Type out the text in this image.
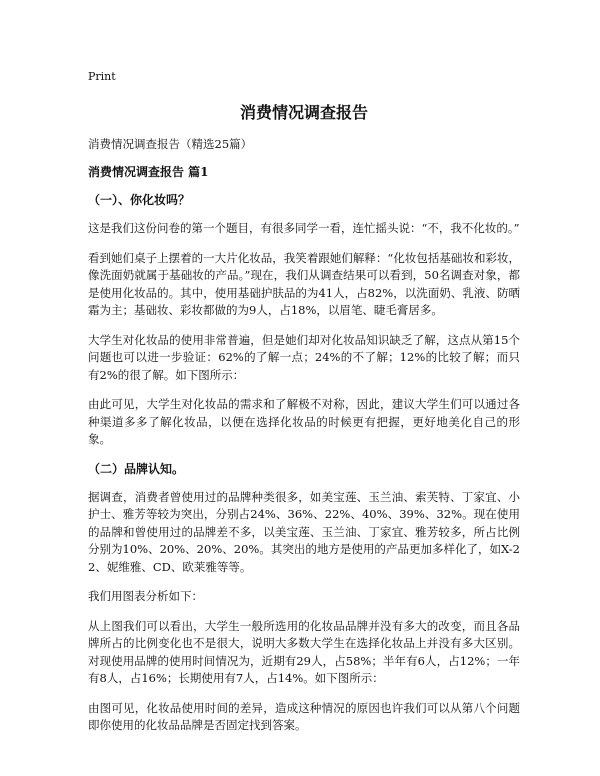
Print
消费情况调查报告
消费情况调查报告（精选25篇）
消费情况调查报告 篇1
（一）、你化妆吗？

这是我们这份问卷的第一个题目，有很多同学一看，连忙摇头说：“不，我不化妆的。”

看到她们桌子上摆着的一大片化妆品，我笑着跟她们解释：“化妆包括基础妆和彩妆，像洗面奶就属于基础妆的产品。”现在，我们从调查结果可以看到，50名调查对象，都是使用化妆品的。其中，使用基础护肤品的为41人，占82%，以洗面奶、乳液、防晒霜为主；基础妆、彩妆都做的为9人，占18%，以眉笔、睫毛膏居多。

大学生对化妆品的使用非常普遍，但是她们却对化妆品知识缺乏了解，这点从第15个问题也可以进一步验证：62%的了解一点；24%的不了解；12%的比较了解；而只有2%的很了解。如下图所示：

由此可见，大学生对化妆品的需求和了解极不对称，因此，建议大学生们可以通过各种渠道多多了解化妆品，以便在选择化妆品的时候更有把握，更好地美化自己的形象。

（二）品牌认知。

据调查，消费者曾使用过的品牌种类很多，如美宝莲、玉兰油、索芙特、丁家宜、小护士、雅芳等较为突出，分别占24%、36%、22%、40%、39%、32%。现在使用的品牌和曾使用过的品牌差不多，以美宝莲、玉兰油、丁家宜、雅芳较多，所占比例分别为10%、20%、20%、20%。其突出的地方是使用的产品更加多样化了，如X-22、妮维雅、CD、欧莱雅等等。

我们用图表分析如下：

从上图我们可以看出，大学生一般所选用的化妆品品牌并没有多大的改变，而且各品牌所占的比例变化也不是很大，说明大多数大学生在选择化妆品上并没有多大区别。对现使用品牌的使用时间情况为，近期有29人，占58%；半年有6人，占12%；一年有8人，占16%；长期使用有7人，占14%。如下图所示：

由图可见，化妆品使用时间的差异，造成这种情况的原因也许我们可以从第八个问题即你使用的化妆品品牌是否固定找到答案。
